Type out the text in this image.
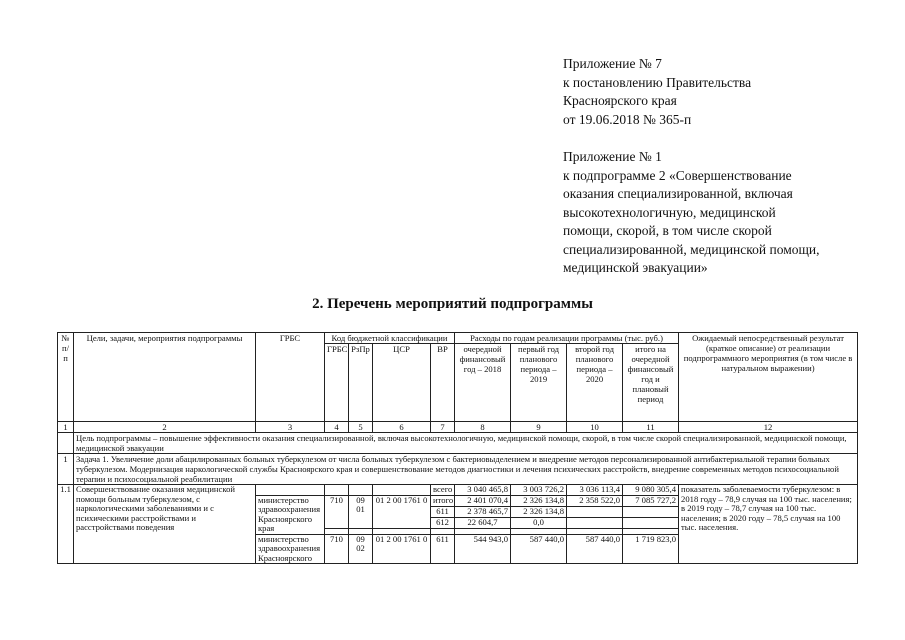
Приложение № 7
к постановлению Правительства
Красноярского края
от 19.06.2018 № 365-п
Приложение № 1
к подпрограмме 2 «Совершенствование
оказания специализированной, включая
высокотехнологичную, медицинской
помощи, скорой, в том числе скорой
специализированной, медицинской помощи,
медицинской эвакуации»
2. Перечень мероприятий подпрограммы
№ п/п	Цели, задачи, мероприятия подпрограммы	ГРБС	Код бюджетной классификации				Расходы по годам реализации программы (тыс. руб.)				Ожидаемый непосредственный результат (краткое описание) от реализации подпрограммного мероприятия (в том числе в натуральном выражении)
			ГРБС	РзПр	ЦСР	ВР	очередной финансовый год – 2018	первый год планового периода – 2019	второй год планового периода – 2020	итого на очередной финансовый год и плановый период	
1	2	3	4	5	6	7	8	9	10	11	12
	Цель подпрограммы – повышение эффективности оказания специализированной, включая высокотехнологичную, медицинской помощи, скорой, в том числе скорой специализированной, медицинской помощи, медицинской эвакуации										
1	Задача 1. Увеличение доли абацилированных больных туберкулезом от числа больных туберкулезом с бактериовыделением и внедрение методов персонализированной антибактериальной терапии больных туберкулезом. Модернизация наркологической службы Красноярского края и совершенствование методов диагностики и лечения психических расстройств, внедрение современных методов психосоциальной терапии и психосоциальной реабилитации										
1.1	Совершенствование оказания медицинской помощи больным туберкулезом, с наркологическими заболеваниями и с психическими расстройствами и расстройствами поведения					всего	3 040 465,8	3 003 726,2	3 036 113,4	9 080 305,4	показатель заболеваемости туберкулезом: в 2018 году – 78,9 случая на 100 тыс. населения; в 2019 году – 78,7 случая на 100 тыс. населения; в 2020 году – 78,5 случая на 100 тыс. населения.
		министерство здравоохранения Красноярского края	710	09 01	01 2 00 1761 0	итого	2 401 070,4	2 326 134,8	2 358 522,0	7 085 727,2	
						611	2 378 465,7	2 326 134,8			
						612	22 604,7	0,0			

		министерство здравоохранения Красноярского	710	09 02	01 2 00 1761 0	611	544 943,0	587 440,0	587 440,0	1 719 823,0	
